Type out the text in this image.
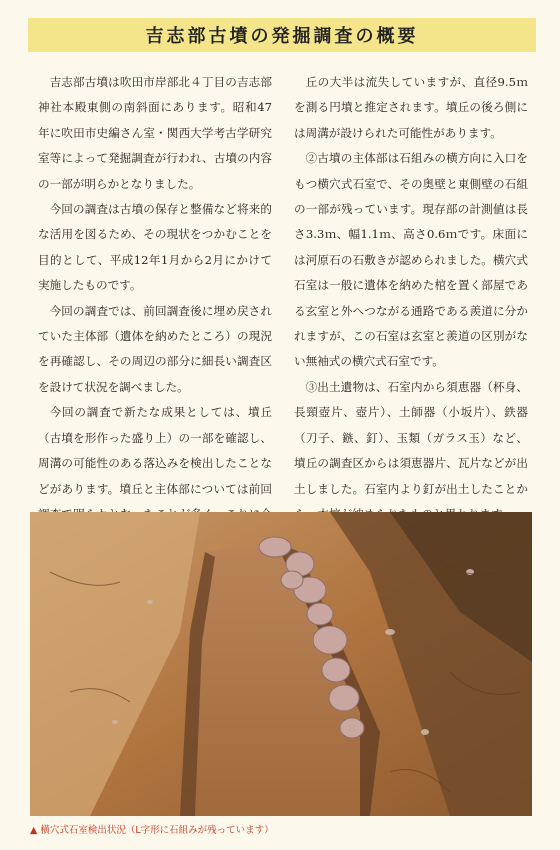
吉志部古墳の発掘調査の概要

吉志部古墳は吹田市岸部北４丁目の吉志部神社本殿東側の南斜面にあります。昭和47年に吹田市史編さん室・関西大学考古学研究室等によって発掘調査が行われ、古墳の内容の一部が明らかとなりました。

今回の調査は古墳の保存と整備など将来的な活用を図るため、その現状をつかむことを目的として、平成12年1月から2月にかけて実施したものです。

今回の調査では、前回調査後に埋め戻されていた主体部（遺体を納めたところ）の現況を再確認し、その周辺の部分に細長い調査区を設けて状況を調べました。

今回の調査で新たな成果としては、墳丘（古墳を形作った盛り上）の一部を確認し、周溝の可能性のある落込みを検出したことなどがあります。墳丘と主体部については前回

丘の大半は流失していますが、直径9.5ｍを測る円墳と推定されます。墳丘の後ろ側には周溝が設けられた可能性があります。

②古墳の主体部は石組みの横方向に入口をもつ横穴式石室で、その奥壁と東側壁の石組の一部が残っています。現存部の計測値は長さ3.3ｍ、幅1.1ｍ、高さ0.6ｍです。床面には河原石の石敷きが認められました。横穴式石室は一般に遺体を納めた棺を置く部屋である玄室と外へつながる通路である羨道に分かれますが、この石室は玄室と羨道の区別がない無袖式の横穴式石室です。

③出土遺物は、石室内から須恵器（杯身、長頸壺片、壺片）、土師器（小坂片）、鉄器（刀子、鏃、釘）、玉類（ガラス玉）など、墳丘の調査区からは須恵器片、瓦片などが出土しました。石室内より釘が出土したことか

▲ 横穴式石室検出状況（L字形に石組みが残っています）
